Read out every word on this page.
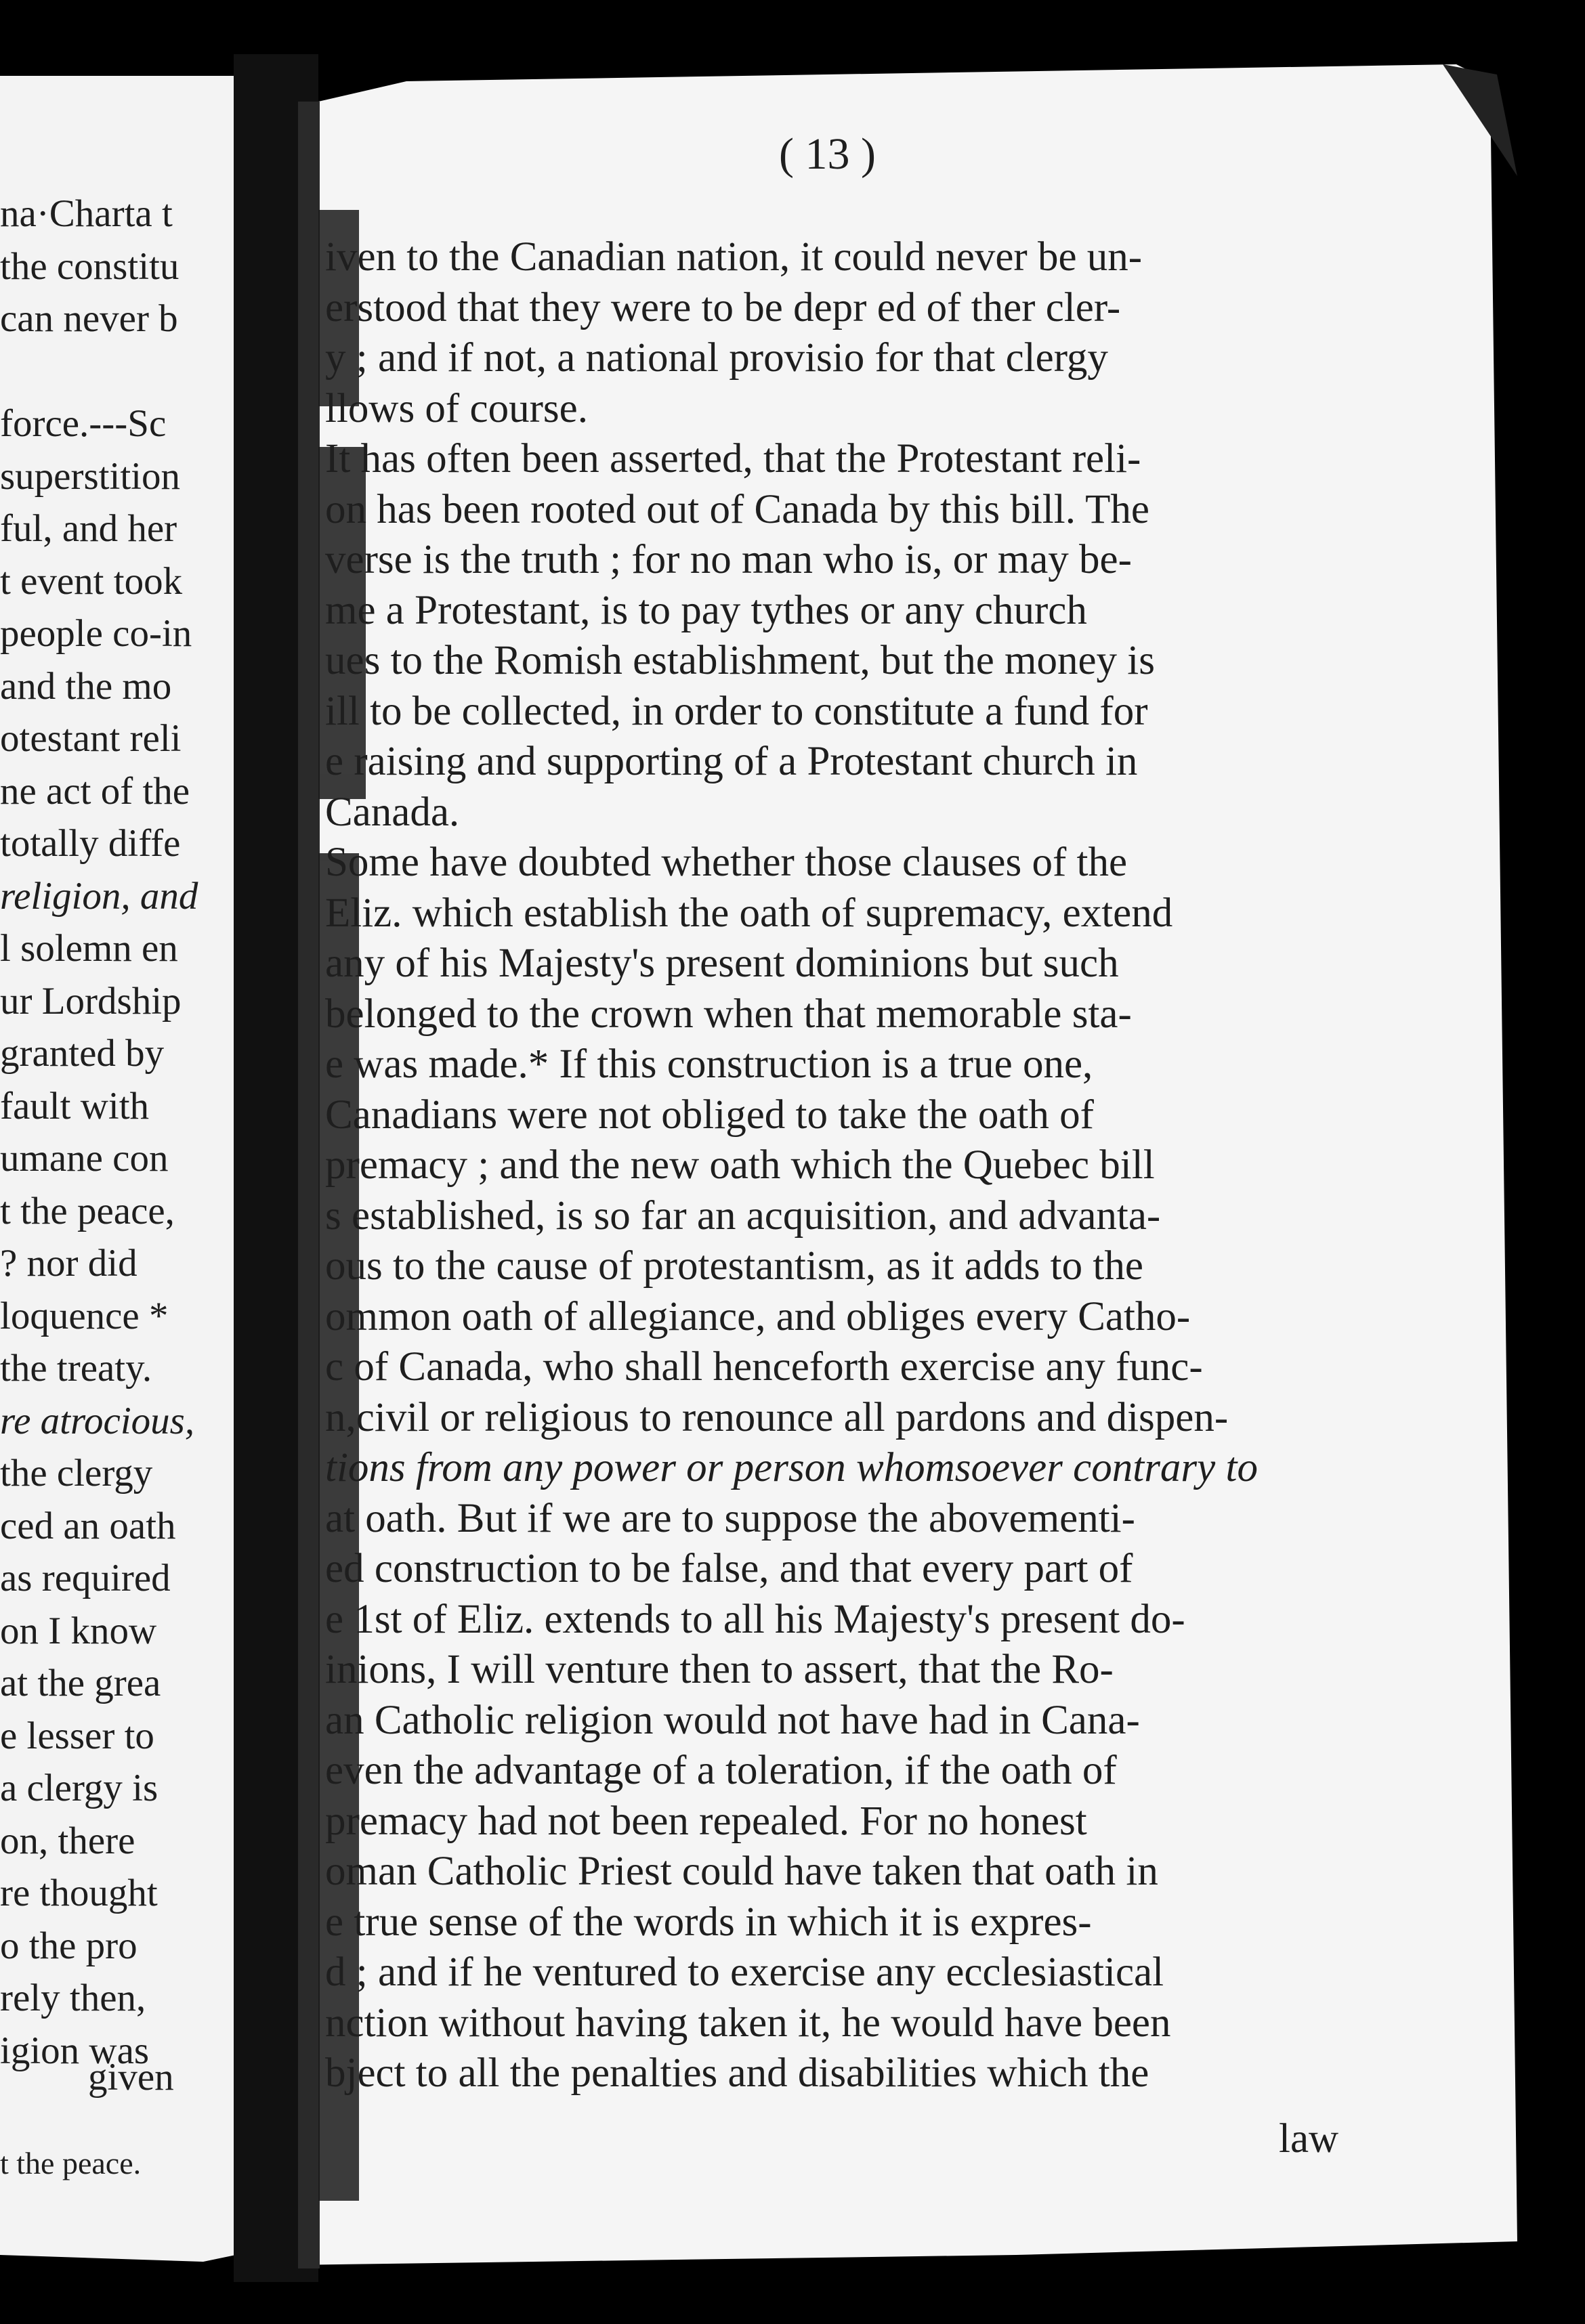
na·Charta t

the constitu

can never b

force.---Sc

superstition

ful, and her

t event took

people co-in

and the mo

otestant reli

ne act of the

totally diffe

religion, and

l solemn en

ur Lordship

granted by

fault with

umane con

t the peace,

? nor did

loquence *

the treaty.

re atrocious,

the clergy

ced an oath

as required

on I know

at the grea

e lesser to

a clergy is

on, there

re thought

o the pro

rely then,

igion was

given

t the peace.

( 13 )

iven to the Canadian nation, it could never be un-

erstood that they were to be depr ed of ther cler-

y ; and if not, a national provisio for that clergy

llows of course.

It has often been asserted, that the Protestant reli-

on has been rooted out of Canada by this bill. The

verse is the truth ; for no man who is, or may be-

me a Protestant, is to pay tythes or any church

ues to the Romish establishment, but the money is

ill to be collected, in order to constitute a fund for

e raising and supporting of a Protestant church in

Canada.

Some have doubted whether those clauses of the

Eliz. which establish the oath of supremacy, extend

any of his Majesty's present dominions but such

belonged to the crown when that memorable sta-

e was made.* If this construction is a true one,

Canadians were not obliged to take the oath of

premacy ; and the new oath which the Quebec bill

s established, is so far an acquisition, and advanta-

ous to the cause of protestantism, as it adds to the

ommon oath of allegiance, and obliges every Catho-

c of Canada, who shall henceforth exercise any func-

n,civil or religious to renounce all pardons and dispen-

tions from any power or person whomsoever contrary to

at oath. But if we are to suppose the abovementi-

ed construction to be false, and that every part of

e 1st of Eliz. extends to all his Majesty's present do-

inions, I will venture then to assert, that the Ro-

an Catholic religion would not have had in Cana-

even the advantage of a toleration, if the oath of

premacy had not been repealed. For no honest

oman Catholic Priest could have taken that oath in

e true sense of the words in which it is expres-

d ; and if he ventured to exercise any ecclesiastical

nction without having taken it, he would have been

bject to all the penalties and disabilities which the

law
